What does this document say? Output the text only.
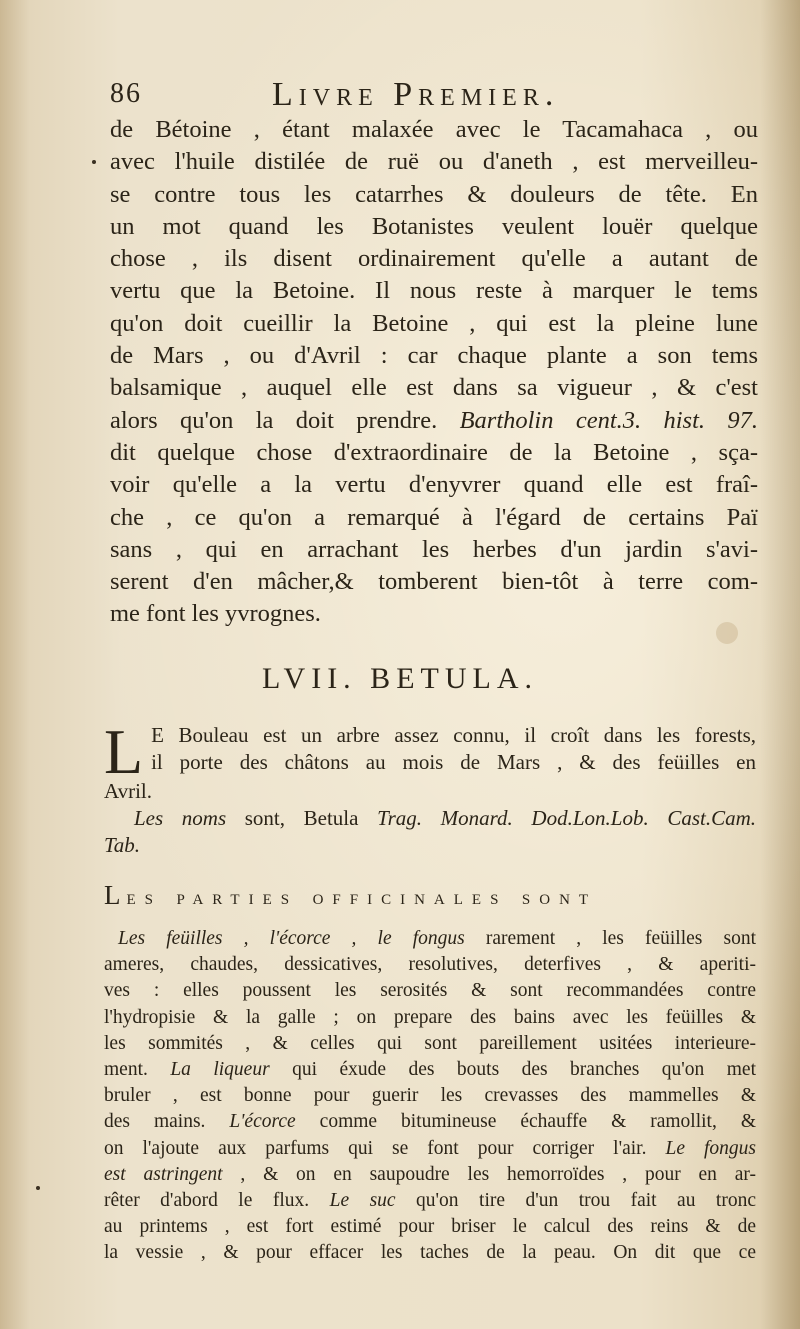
86	Livre Premier.
de Bétoine , étant malaxée avec le Tacamahaca , ou
avec l'huile distilée de ruë ou d'aneth , est merveilleu-
se contre tous les catarrhes & douleurs de tête. En
un mot quand les Botanistes veulent louër quelque
chose , ils disent ordinairement qu'elle a autant de
vertu que la Betoine. Il nous reste à marquer le tems
qu'on doit cueillir la Betoine , qui est la pleine lune
de Mars , ou d'Avril : car chaque plante a son tems
balsamique , auquel elle est dans sa vigueur , & c'est
alors qu'on la doit prendre. Bartholin cent.3. hist. 97.
dit quelque chose d'extraordinaire de la Betoine , sça-
voir qu'elle a la vertu d'enyvrer quand elle est fraî-
che , ce qu'on a remarqué à l'égard de certains Paï
sans , qui en arrachant les herbes d'un jardin s'avi-
serent d'en mâcher,& tomberent bien-tôt à terre com-
me font les yvrognes.
LVII. BETULA.
L E Bouleau est un arbre assez connu, il croît dans les forests,
il porte des châtons au mois de Mars , & des feüilles en
Avril.
Les noms sont, Betula Trag. Monard. Dod.Lon.Lob. Cast.Cam.
Tab.
Les parties officinales sont
Les feüilles , l'écorce , le fongus rarement , les feüilles sont
ameres, chaudes, dessicatives, resolutives, deterfives , & aperiti-
ves : elles poussent les serosités & sont recommandées contre
l'hydropisie & la galle ; on prepare des bains avec les feüilles &
les sommités , & celles qui sont pareillement usitées interieure-
ment. La liqueur qui éxude des bouts des branches qu'on met
bruler , est bonne pour guerir les crevasses des mammelles &
des mains. L'écorce comme bitumineuse échauffe & ramollit, &
on l'ajoute aux parfums qui se font pour corriger l'air. Le fongus
est astringent , & on en saupoudre les hemorroïdes , pour en ar-
rêter d'abord le flux. Le suc qu'on tire d'un trou fait au tronc
au printems , est fort estimé pour briser le calcul des reins & de
la vessie , & pour effacer les taches de la peau. On dit que ce
